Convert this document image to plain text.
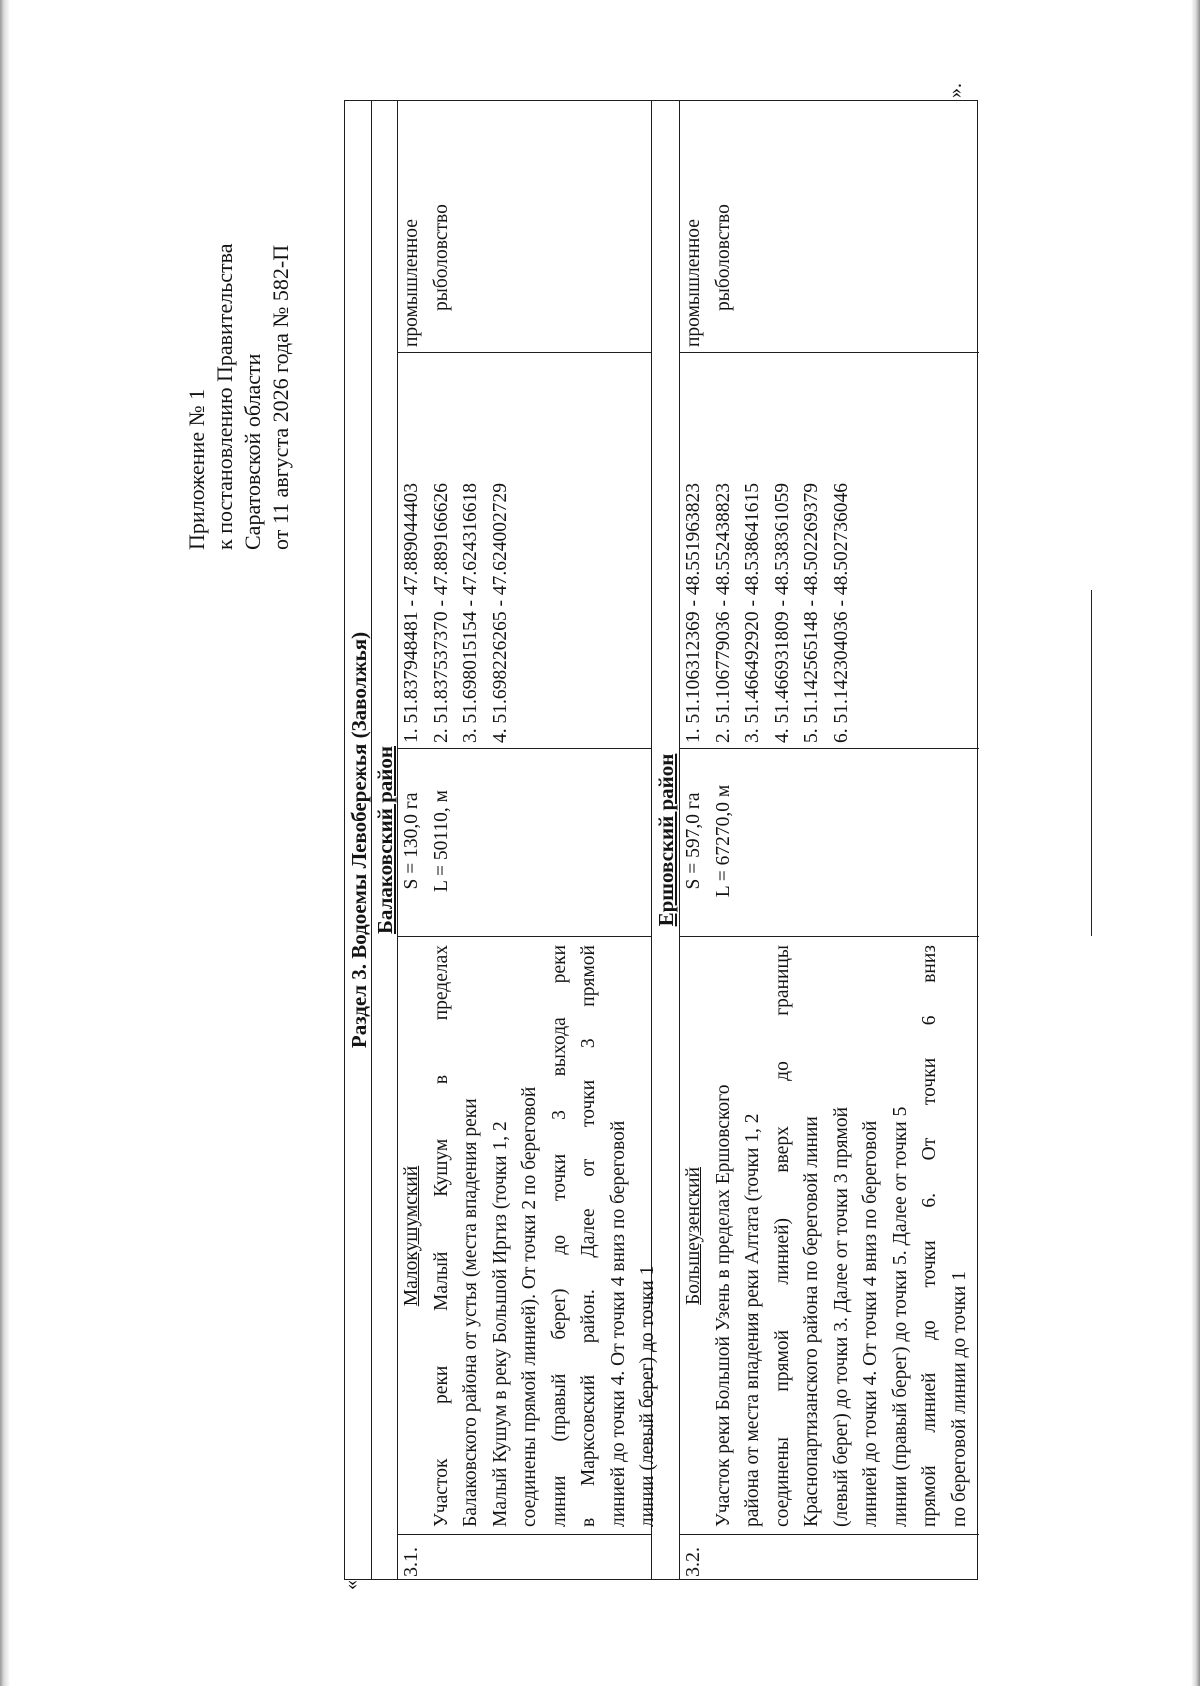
Приложение № 1 к постановлению Правительства Саратовской области от 11 августа 2026 года № 582-П
«
».
Раздел 3. Водоемы Левобережья (Заволжья) Балаковский район	Ершовский район
3.1.
Малокушумский Участок реки Малый Кушум в пределах Балаковского района от устья (места впадения реки Малый Кушум в реку Большой Иргиз (точки 1, 2 соединены прямой линией). От точки 2 по береговой линии (правый берег) до точки 3 выхода реки в Марксовский район. Далее от точки 3 прямой линией до точки 4. От точки 4 вниз по береговой линии (левый берег) до точки 1
S = 130,0 га L = 50110, м
1. 51.837948481 - 47.889044403 2. 51.837537370 - 47.889166626 3. 51.698015154 - 47.624316618 4. 51.698226265 - 47.624002729
промышленное рыболовство
3.2.
Большеузенский Участок реки Большой Узень в пределах Ершовского района от места впадения реки Алтата (точки 1, 2 соединены прямой линией) вверх до границы Краснопартизанского района по береговой линии (левый берег) до точки 3. Далее от точки 3 прямой линией до точки 4. От точки 4 вниз по береговой линии (правый берег) до точки 5. Далее от точки 5 прямой линией до точки 6. От точки 6 вниз по береговой линии до точки 1
S = 597,0 га L = 67270,0 м
1. 51.106312369 - 48.551963823 2. 51.106779036 - 48.552438823 3. 51.466492920 - 48.538641615 4. 51.466931809 - 48.538361059 5. 51.142565148 - 48.502269379 6. 51.142304036 - 48.502736046
промышленное рыболовство
